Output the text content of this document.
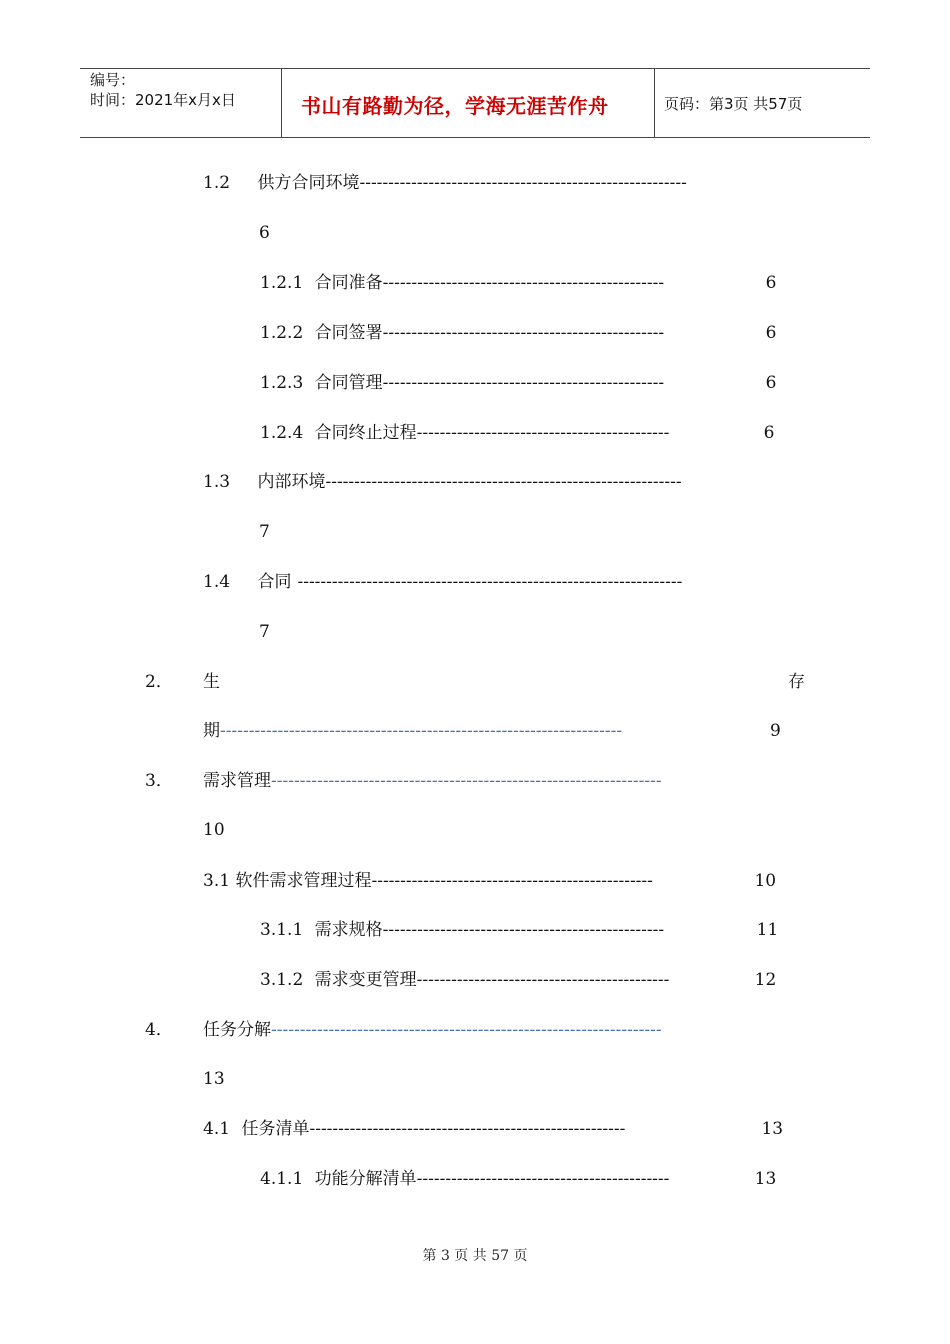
编号：
时间：2021年x月x日	书山有路勤为径，学海无涯苦作舟	页码：第3页 共57页
1.2 供方合同环境---------------------------------------------------------
6
1.2.1 合同准备-------------------------------------------------	6
1.2.2 合同签署-------------------------------------------------	6
1.2.3 合同管理-------------------------------------------------	6
1.2.4 合同终止过程--------------------------------------------	6
1.3 内部环境--------------------------------------------------------------
7
1.4 合同 -------------------------------------------------------------------
7
2． 生	存
期----------------------------------------------------------------------	9
3． 需求管理--------------------------------------------------------------------
10
3.1 软件需求管理过程-------------------------------------------------	10
3.1.1 需求规格-------------------------------------------------	11
3.1.2 需求变更管理--------------------------------------------	12
4． 任务分解--------------------------------------------------------------------
13
4.1 任务清单-------------------------------------------------------	13
4.1.1 功能分解清单--------------------------------------------	13
第 3 页 共 57 页
